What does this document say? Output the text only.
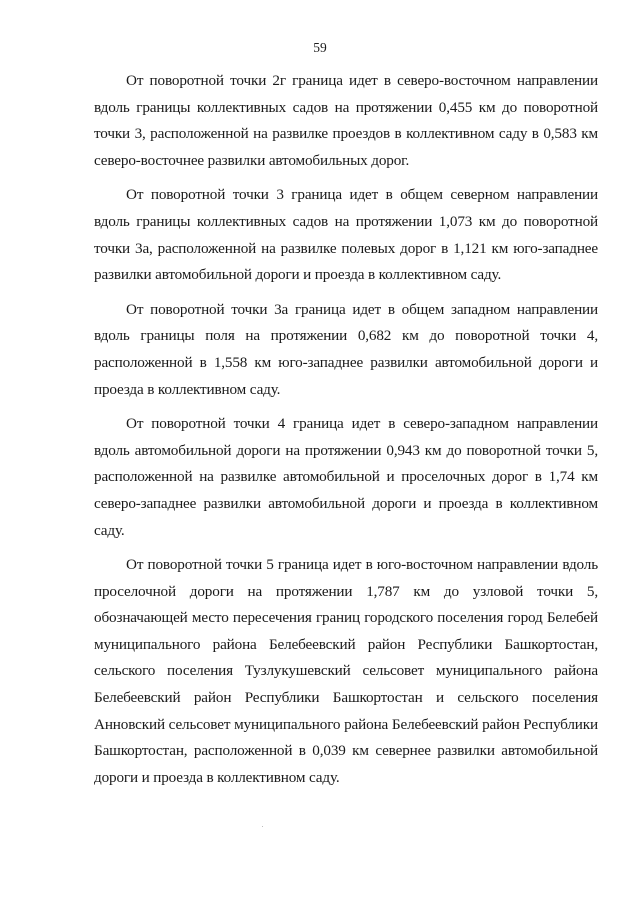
59

От поворотной точки 2г граница идет в северо-восточном направлении вдоль границы коллективных садов на протяжении 0,455 км до поворотной точки 3, расположенной на развилке проездов в коллективном саду в 0,583 км северо-восточнее развилки автомобильных дорог.

От поворотной точки 3 граница идет в общем северном направлении вдоль границы коллективных садов на протяжении 1,073 км до поворотной точки 3а, расположенной на развилке полевых дорог в 1,121 км юго-западнее развилки автомобильной дороги и проезда в коллективном саду.

От поворотной точки 3а граница идет в общем западном направлении вдоль границы поля на протяжении 0,682 км до поворотной точки 4, расположенной в 1,558 км юго-западнее развилки автомобильной дороги и проезда в коллективном саду.

От поворотной точки 4 граница идет в северо-западном направлении вдоль автомобильной дороги на протяжении 0,943 км до поворотной точки 5, расположенной на развилке автомобильной и проселочных дорог в 1,74 км северо-западнее развилки автомобильной дороги и проезда в коллективном саду.

От поворотной точки 5 граница идет в юго-восточном направлении вдоль проселочной дороги на протяжении 1,787 км до узловой точки 5, обозначающей место пересечения границ городского поселения город Белебей муниципального района Белебеевский район Республики Башкортостан, сельского поселения Тузлукушевский сельсовет муниципального района Белебеевский район Республики Башкортостан и сельского поселения Анновский сельсовет муниципального района Белебеевский район Республики Башкортостан, расположенной в 0,039 км севернее развилки автомобильной дороги и проезда в коллективном саду.
